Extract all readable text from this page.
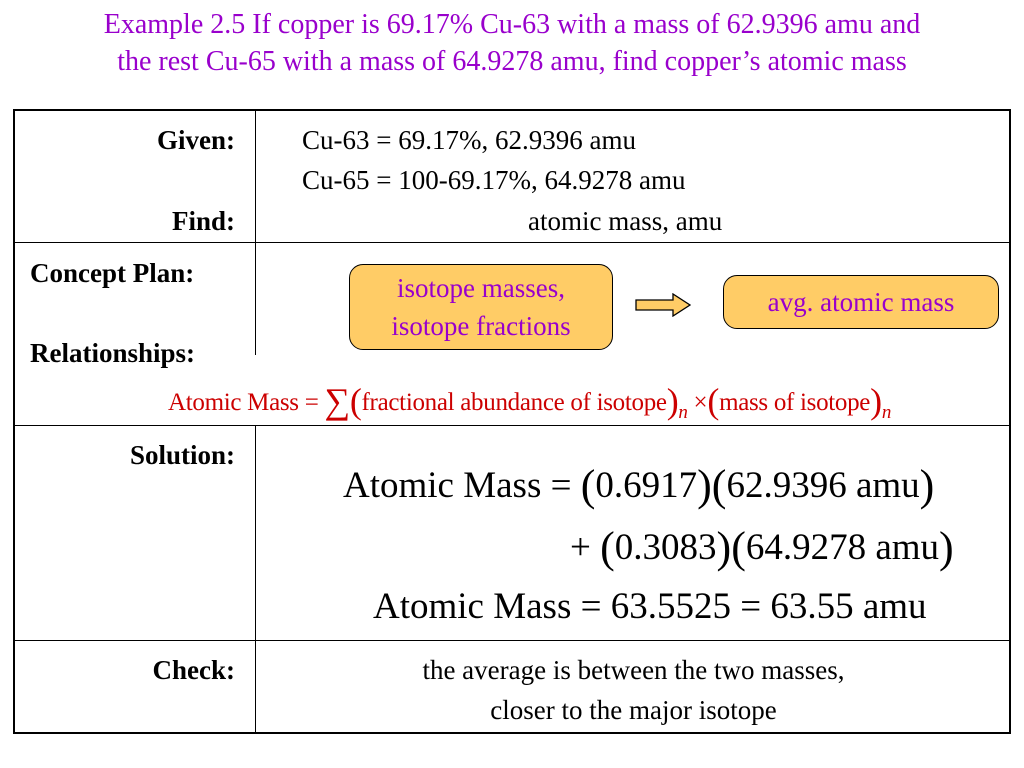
Example 2.5 If copper is 69.17% Cu-63 with a mass of 62.9396 amu and
the rest Cu-65 with a mass of 64.9278 amu, find copper’s atomic mass
Given:
Find:
Cu-63 = 69.17%, 62.9396 amu
Cu-65 = 100-69.17%, 64.9278 amu
atomic mass, amu
Concept Plan:
Relationships:
isotope masses,
isotope fractions
avg. atomic mass
Atomic Mass = ∑(fractional abundance of $isotope)_n$ ×(mass of $isotope)_n$
Solution:
Atomic Mass = (0.6917)(62.9396 amu)
+ (0.3083)(64.9278 amu)
Atomic Mass = 63.5525 = 63.55 amu
Check:	the average is between the two masses,
closer to the major isotope
